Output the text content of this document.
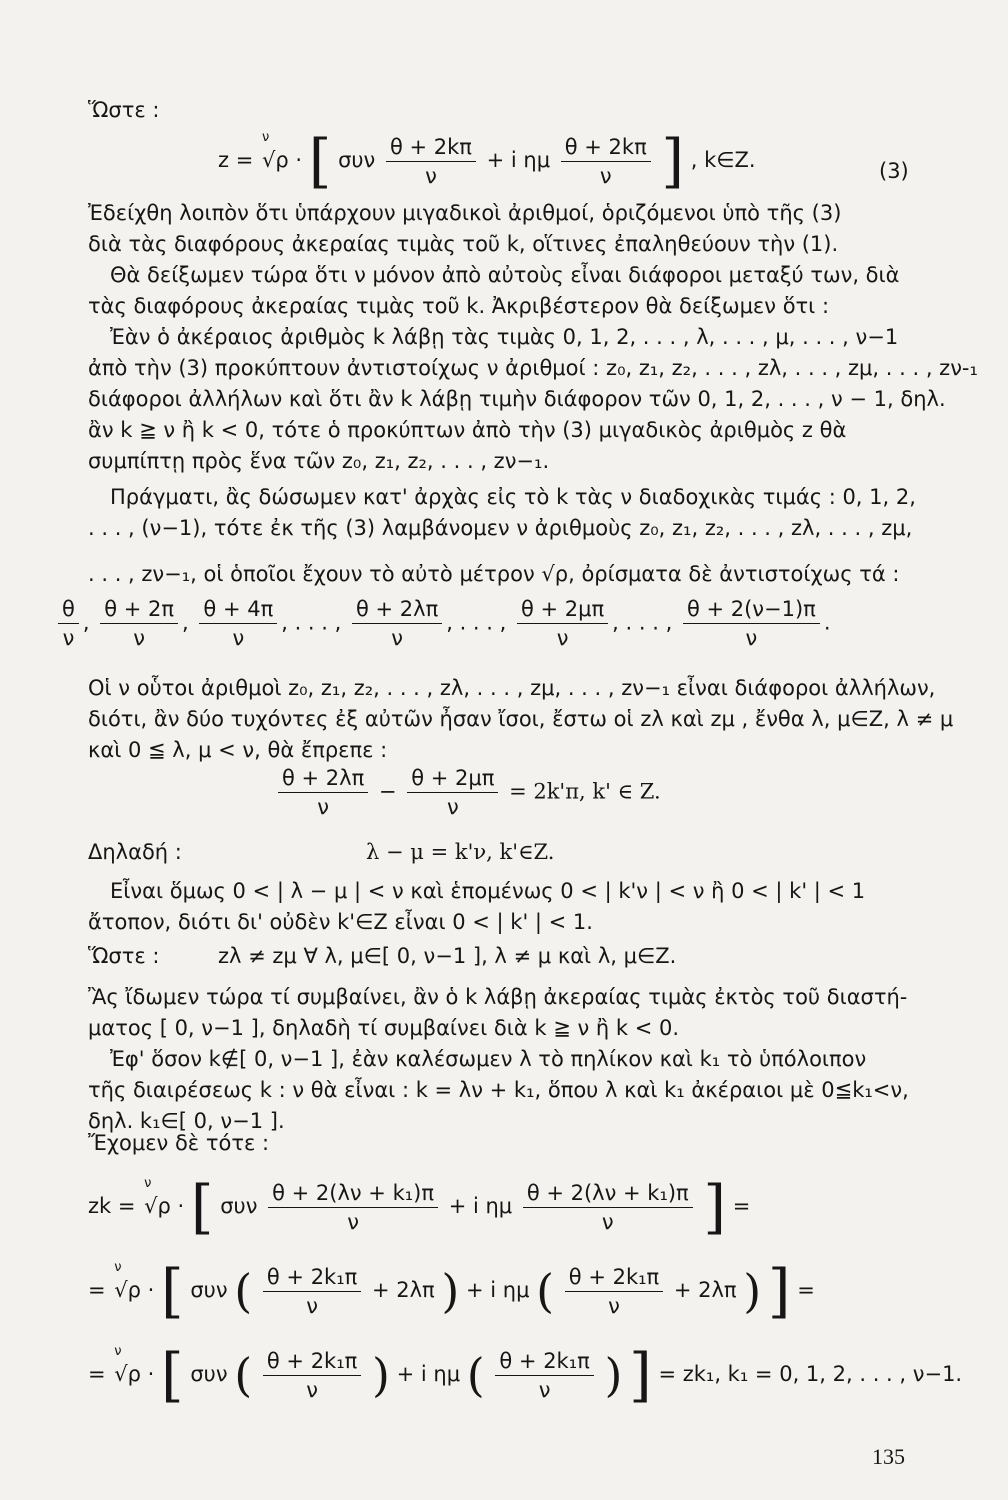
Ὥστε :
z =
ν
√ρ · [ συν $\frac{\theta + 2k\pi}{\nu} + i$ ημ $\frac{\theta + 2k\pi}{\nu}$ ] , k∈Z.	(3)
Ἐδείχθη λοιπὸν ὅτι ὑπάρχουν μιγαδικοὶ ἀριθμοί, ὁριζόμενοι ὑπὸ τῆς (3)
διὰ τὰς διαφόρους ἀκεραίας τιμὰς τοῦ k, οἵτινες ἐπαληθεύουν τὴν (1).
Θὰ δείξωμεν τώρα ὅτι ν μόνον ἀπὸ αὐτοὺς εἶναι διάφοροι μεταξύ των, διὰ
τὰς διαφόρους ἀκεραίας τιμὰς τοῦ k. Ἀκριβέστερον θὰ δείξωμεν ὅτι :
Ἐὰν ὁ ἀκέραιος ἀριθμὸς k λάβῃ τὰς τιμὰς 0, 1, 2, . . . , λ, . . . , μ, . . . , ν−1
ἀπὸ τὴν (3) προκύπτουν ἀντιστοίχως ν ἀριθμοί : z₀, z₁, z₂, . . . , zλ, . . . , zμ, . . . , zν-₁
διάφοροι ἀλλήλων καὶ ὅτι ἂν k λάβῃ τιμὴν διάφορον τῶν 0, 1, 2, . . . , ν − 1, δηλ.
ἂν k ≧ ν ἢ k < 0, τότε ὁ προκύπτων ἀπὸ τὴν (3) μιγαδικὸς ἀριθμὸς z θὰ
συμπίπτῃ πρὸς ἕνα τῶν z₀, z₁, z₂, . . . , zν−₁.
Πράγματι, ἂς δώσωμεν κατ' ἀρχὰς εἰς τὸ k τὰς ν διαδοχικὰς τιμάς : 0, 1, 2,
. . . , (ν−1), τότε ἐκ τῆς (3) λαμβάνομεν ν ἀριθμοὺς z₀, z₁, z₂, . . . , zλ, . . . , zμ,
. . . , zν−₁, οἱ ὁποῖοι ἔχουν τὸ αὐτὸ μέτρον √ρ, ὀρίσματα δὲ ἀντιστοίχως τά :
$\frac{\theta}{\nu}$ , $\frac{\theta + 2\pi}{\nu}$ , $\frac{\theta + 4\pi}{\nu}$ , . . . , $\frac{\theta + 2\lambda\pi}{\nu}$ , . . . , $\frac{\theta + 2\mu\pi}{\nu}$ , . . . , $\frac{\theta + 2(\nu-1)\pi}{\nu}$ .
Οἱ ν οὗτοι ἀριθμοὶ z₀, z₁, z₂, . . . , zλ, . . . , zμ, . . . , zν−₁ εἶναι διάφοροι ἀλλήλων,
διότι, ἂν δύο τυχόντες ἐξ αὐτῶν ἦσαν ἴσοι, ἔστω οἱ zλ καὶ zμ , ἔνθα λ, μ∈Z, λ ≠ μ
καὶ 0 ≦ λ, μ < ν, θὰ ἔπρεπε :
$\frac{\theta + 2\lambda\pi}{\nu} - \frac{\theta + 2\mu\pi}{\nu} = 2k'\pi$, k' ∈ Z.
Δηλαδή :	λ − μ = k'ν, k'∈Z.
Εἶναι ὅμως 0 < | λ − μ | < ν καὶ ἑπομένως 0 < | k'ν | < ν ἢ 0 < | k' | < 1
ἄτοπον, διότι δι' οὐδὲν k'∈Z εἶναι 0 < | k' | < 1.
Ὥστε :	zλ ≠ zμ ∀ λ, μ∈[ 0, ν−1 ], λ ≠ μ καὶ λ, μ∈Z.
Ἂς ἴδωμεν τώρα τί συμβαίνει, ἂν ὁ k λάβῃ ἀκεραίας τιμὰς ἐκτὸς τοῦ διαστή-
ματος [ 0, ν−1 ], δηλαδὴ τί συμβαίνει διὰ k ≧ ν ἢ k < 0.
Ἐφ' ὅσον k∉[ 0, ν−1 ], ἐὰν καλέσωμεν λ τὸ πηλίκον καὶ k₁ τὸ ὑπόλοιπον
τῆς διαιρέσεως k : ν θὰ εἶναι : k = λν + k₁, ὅπου λ καὶ k₁ ἀκέραιοι μὲ 0≦k₁<ν,
δηλ. k₁∈[ 0, ν−1 ].
Ἔχομεν δὲ τότε :
zk =
ν
√ρ · [ συν $\frac{\text{θ + 2(λν + k₁)π}}{\nu} + i$ ημ $\frac{\text{θ + 2(λν + k₁)π}}{\nu}$ ] =
=
ν
√ρ · [ συν ( $\frac{\text{θ + 2k₁π}}{\nu} + 2\lambda\pi$ ) + i ημ ( $\frac{\text{θ + 2k₁π}}{\nu} + 2\lambda\pi$ ) ] =
=
ν
√ρ · [ συν ( $\frac{\text{θ + 2k₁π}}{\nu}$ ) + i ημ ( $\frac{\text{θ + 2k₁π}}{\nu}$ ) ] = zk₁, k₁ = 0, 1, 2, . . . , ν−1.
135
